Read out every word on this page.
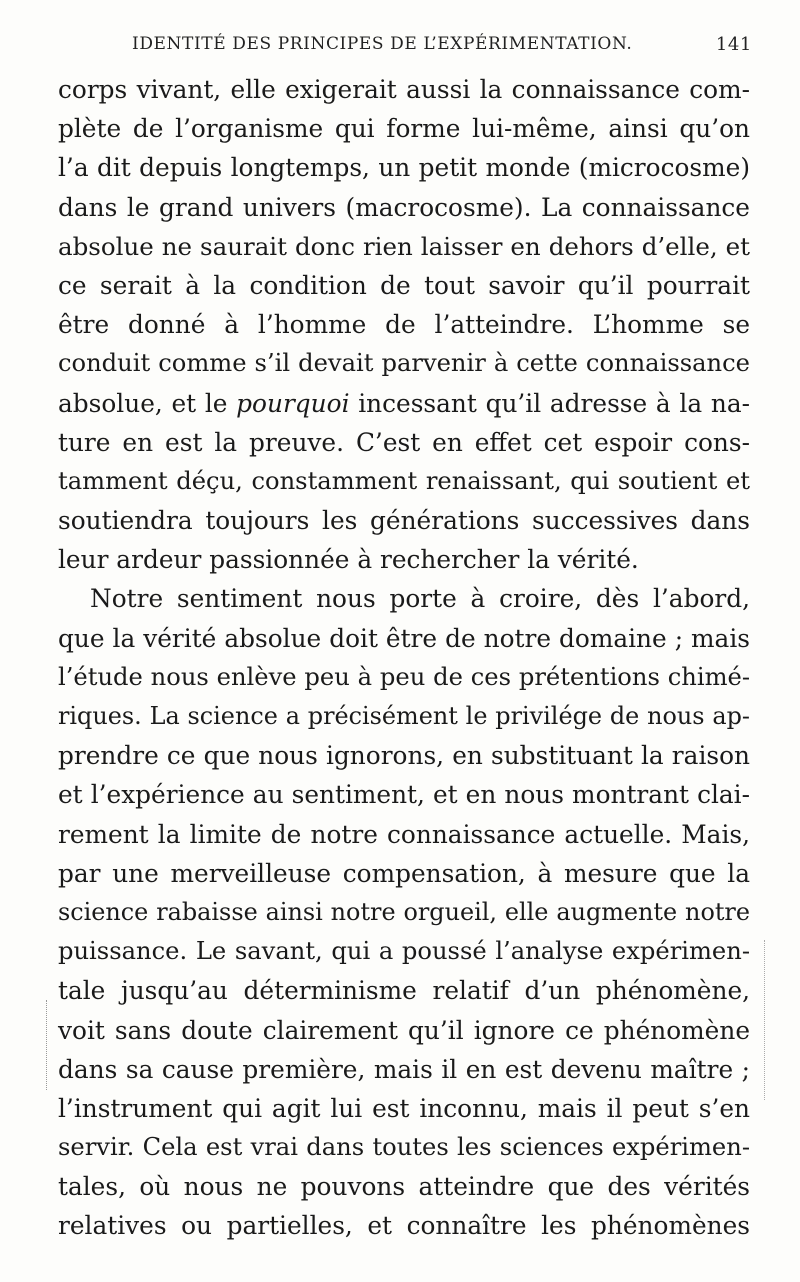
IDENTITÉ DES PRINCIPES DE L’EXPÉRIMENTATION.	141
corps vivant, elle exigerait aussi la connaissance com-
plète de l’organisme qui forme lui-même, ainsi qu’on
l’a dit depuis longtemps, un petit monde (microcosme)
dans le grand univers (macrocosme). La connaissance
absolue ne saurait donc rien laisser en dehors d’elle, et
ce serait à la condition de tout savoir qu’il pourrait
être donné à l’homme de l’atteindre. L’homme se
conduit comme s’il devait parvenir à cette connaissance
absolue, et le pourquoi incessant qu’il adresse à la na-
ture en est la preuve. C’est en effet cet espoir cons-
tamment déçu, constamment renaissant, qui soutient et
soutiendra toujours les générations successives dans
leur ardeur passionnée à rechercher la vérité.
Notre sentiment nous porte à croire, dès l’abord,
que la vérité absolue doit être de notre domaine ; mais
l’étude nous enlève peu à peu de ces prétentions chimé-
riques. La science a précisément le privilége de nous ap-
prendre ce que nous ignorons, en substituant la raison
et l’expérience au sentiment, et en nous montrant clai-
rement la limite de notre connaissance actuelle. Mais,
par une merveilleuse compensation, à mesure que la
science rabaisse ainsi notre orgueil, elle augmente notre
puissance. Le savant, qui a poussé l’analyse expérimen-
tale jusqu’au déterminisme relatif d’un phénomène,
voit sans doute clairement qu’il ignore ce phénomène
dans sa cause première, mais il en est devenu maître ;
l’instrument qui agit lui est inconnu, mais il peut s’en
servir. Cela est vrai dans toutes les sciences expérimen-
tales, où nous ne pouvons atteindre que des vérités
relatives ou partielles, et connaître les phénomènes
